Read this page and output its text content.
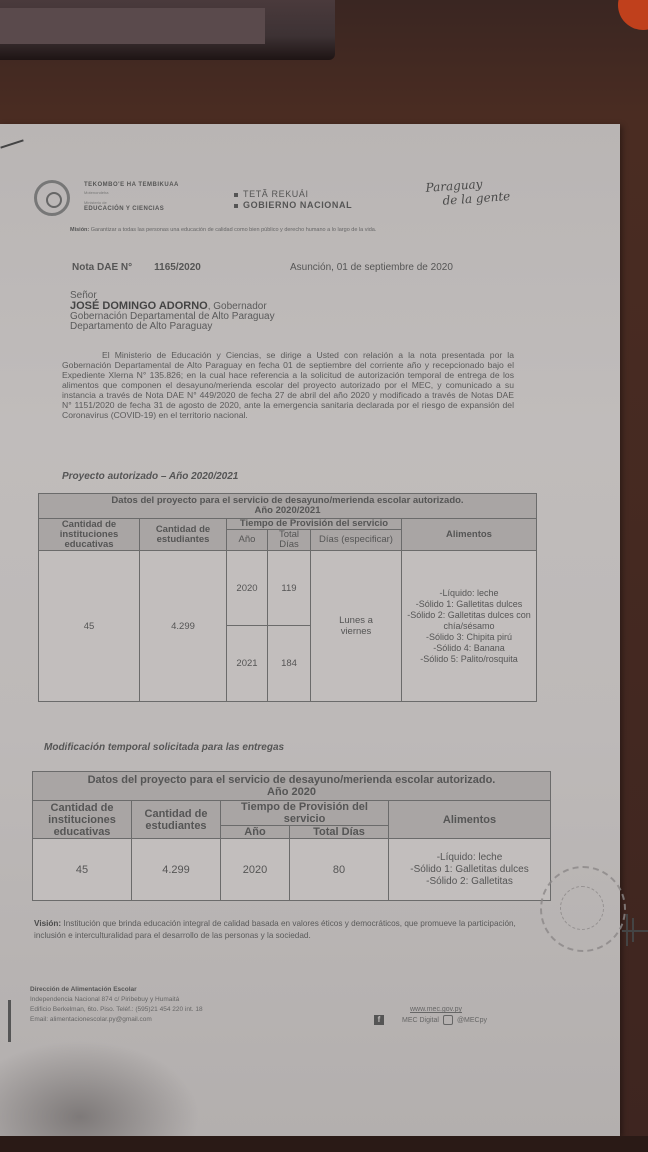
TEKOMBO'E HA TEMBIKUAA
Motenondeha
Ministerio de
EDUCACIÓN Y CIENCIAS
TETÃ REKUÁI
GOBIERNO NACIONAL
Paraguay
de la gente
Misión: Garantizar a todas las personas una educación de calidad como bien público y derecho humano a lo largo de la vida.
Nota DAE N° 1165/2020	Asunción, 01 de septiembre de 2020
Señor
JOSÉ DOMINGO ADORNO, Gobernador
Gobernación Departamental de Alto Paraguay
Departamento de Alto Paraguay
El Ministerio de Educación y Ciencias, se dirige a Usted con relación a la nota presentada por la Gobernación Departamental de Alto Paraguay en fecha 01 de septiembre del corriente año y recepcionado bajo el Expediente Xlerna N° 135.826; en la cual hace referencia a la solicitud de autorización temporal de entrega de los alimentos que componen el desayuno/merienda escolar del proyecto autorizado por el MEC, y comunicado a su instancia a través de Nota DAE N° 449/2020 de fecha 27 de abril del año 2020 y modificado a través de Notas DAE N° 1151/2020 de fecha 31 de agosto de 2020, ante la emergencia sanitaria declarada por el riesgo de expansión del Coronavirus (COVID-19) en el territorio nacional.
Proyecto autorizado – Año 2020/2021
Datos del proyecto para el servicio de desayuno/merienda escolar autorizado.
Año 2020/2021					

Cantidad de instituciones educativas	Cantidad de estudiantes	Tiempo de Provisión del servicio			Alimentos
		Año	Total Días	Días (especificar)	
45	4.299	2020	119	Lunes a viernes	
-Líquido: leche
-Sólido 1: Galletitas dulces
-Sólido 2: Galletitas dulces con chía/sésamo
-Sólido 3: Chipita pirú
-Sólido 4: Banana
-Sólido 5: Palito/rosquita

		2021	184		
Modificación temporal solicitada para las entregas
Datos del proyecto para el servicio de desayuno/merienda escolar autorizado.
Año 2020				

Cantidad de instituciones educativas	Cantidad de estudiantes	Tiempo de Provisión del servicio		Alimentos
		Año	Total Días	
45	4.299	2020	80	-Líquido: leche
-Sólido 1: Galletitas dulces
-Sólido 2: Galletitas
Visión: Institución que brinda educación integral de calidad basada en valores éticos y democráticos, que promueve la participación, inclusión e interculturalidad para el desarrollo de las personas y la sociedad.
Dirección de Alimentación Escolar
Independencia Nacional 874 c/ Piribebuy y Humaitá
Edificio Berkelman, 6to. Piso. Teléf.: (595)21 454 220 int. 18
Email: alimentacionescolar.py@gmail.com
www.mec.gov.py
f	MEC Digital	@MECpy
